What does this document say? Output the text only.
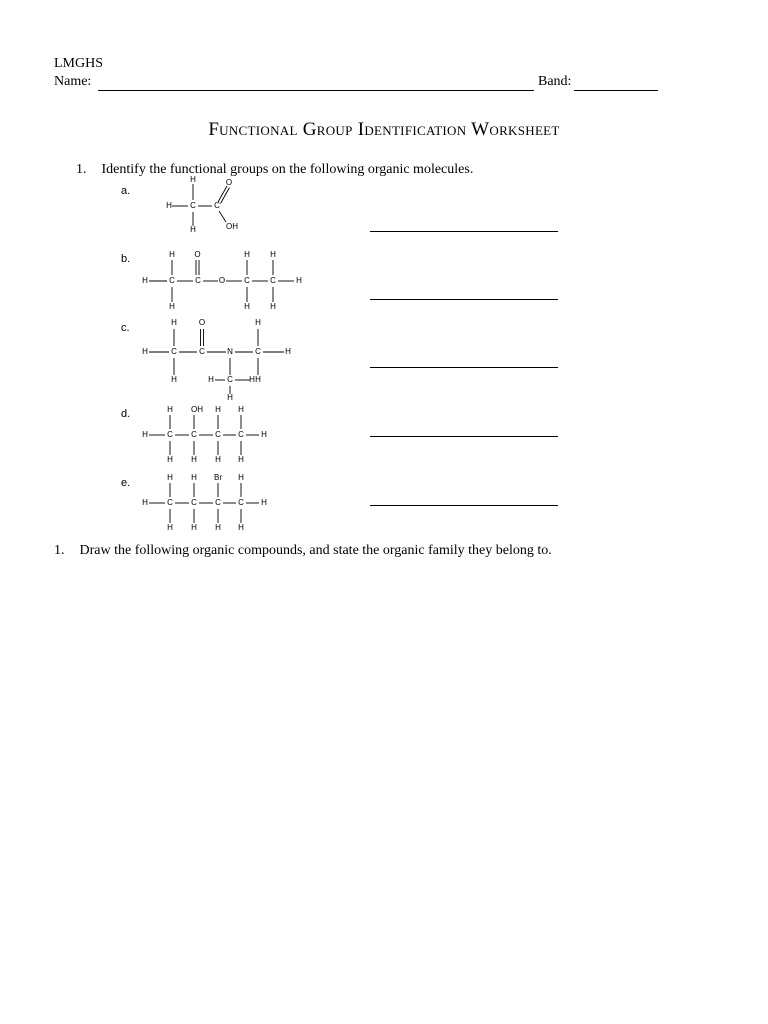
LMGHS
Name:	Band:
Functional Group Identification Worksheet
1. Identify the functional groups on the following organic molecules.
a.
H	O
H C C
OH
H
b.	H O	H	H
H	C	C O C	C	H
H	H	H
c.	H	O	H
H	C	C	N	C	H
H	H C H H
H
d.	H OH H H
H C C C C H
H H H H
e.	H H Br H
H C C C C H
H H H H
1. Draw the following organic compounds, and state the organic family they belong to.
